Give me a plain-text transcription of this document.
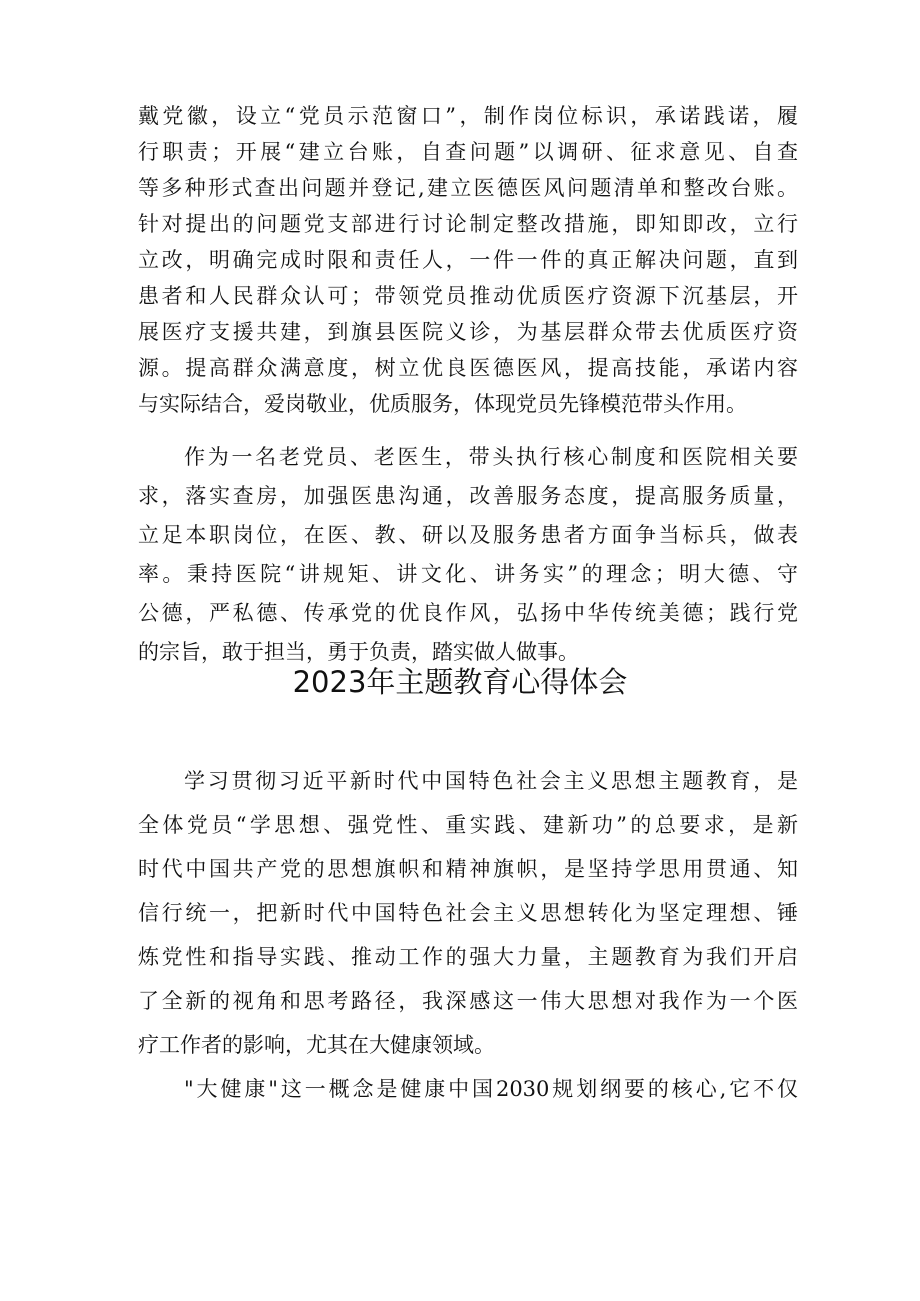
戴党徽，设立“党员示范窗口”，制作岗位标识，承诺践诺，履
行职责；开展“建立台账，自查问题”以调研、征求意见、自查
等多种形式查出问题并登记,建立医德医风问题清单和整改台账。
针对提出的问题党支部进行讨论制定整改措施，即知即改，立行
立改，明确完成时限和责任人，一件一件的真正解决问题，直到
患者和人民群众认可；带领党员推动优质医疗资源下沉基层，开
展医疗支援共建，到旗县医院义诊，为基层群众带去优质医疗资
源。提高群众满意度，树立优良医德医风，提高技能，承诺内容
与实际结合，爱岗敬业，优质服务，体现党员先锋模范带头作用。
作为一名老党员、老医生，带头执行核心制度和医院相关要
求，落实查房，加强医患沟通，改善服务态度，提高服务质量，
立足本职岗位，在医、教、研以及服务患者方面争当标兵，做表
率。秉持医院“讲规矩、讲文化、讲务实”的理念；明大德、守
公德，严私德、传承党的优良作风，弘扬中华传统美德；践行党
的宗旨，敢于担当，勇于负责，踏实做人做事。
2023年主题教育心得体会
学习贯彻习近平新时代中国特色社会主义思想主题教育，是
全体党员“学思想、强党性、重实践、建新功”的总要求，是新
时代中国共产党的思想旗帜和精神旗帜，是坚持学思用贯通、知
信行统一，把新时代中国特色社会主义思想转化为坚定理想、锤
炼党性和指导实践、推动工作的强大力量，主题教育为我们开启
了全新的视角和思考路径，我深感这一伟大思想对我作为一个医
疗工作者的影响，尤其在大健康领域。
"大健康"这一概念是健康中国2030规划纲要的核心,它不仅
